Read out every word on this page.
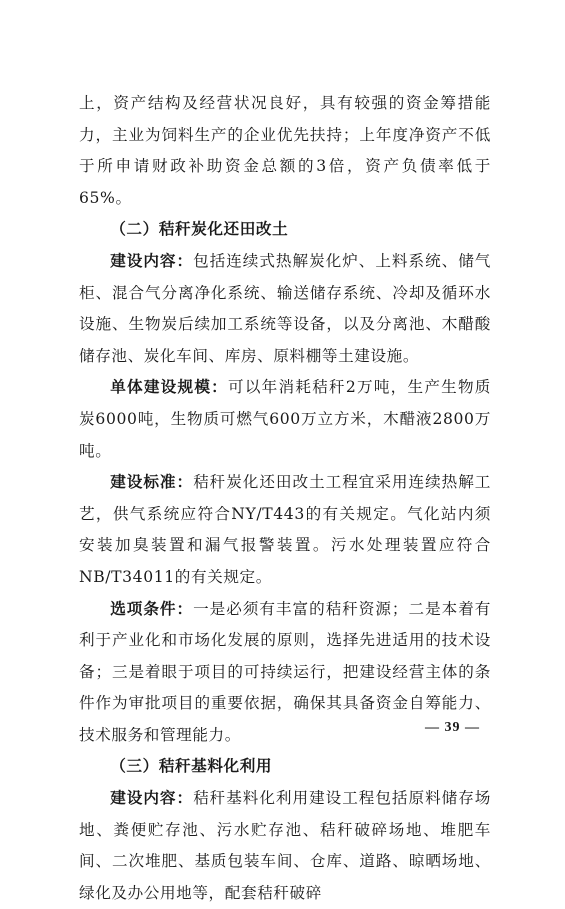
上，资产结构及经营状况良好，具有较强的资金筹措能力，主业为饲料生产的企业优先扶持；上年度净资产不低于所申请财政补助资金总额的3倍，资产负债率低于65%。

（二）秸秆炭化还田改土

建设内容：包括连续式热解炭化炉、上料系统、储气柜、混合气分离净化系统、输送储存系统、冷却及循环水设施、生物炭后续加工系统等设备，以及分离池、木醋酸储存池、炭化车间、库房、原料棚等土建设施。

单体建设规模：可以年消耗秸秆2万吨，生产生物质炭6000吨，生物质可燃气600万立方米，木醋液2800万吨。

建设标准：秸秆炭化还田改土工程宜采用连续热解工艺，供气系统应符合NY/T443的有关规定。气化站内须安装加臭装置和漏气报警装置。污水处理装置应符合NB/T34011的有关规定。

选项条件：一是必须有丰富的秸秆资源；二是本着有利于产业化和市场化发展的原则，选择先进适用的技术设备；三是着眼于项目的可持续运行，把建设经营主体的条件作为审批项目的重要依据，确保其具备资金自筹能力、技术服务和管理能力。

（三）秸秆基料化利用

建设内容：秸秆基料化利用建设工程包括原料储存场地、粪便贮存池、污水贮存池、秸秆破碎场地、堆肥车间、二次堆肥、基质包装车间、仓库、道路、晾晒场地、绿化及办公用地等，配套秸秆破碎

— 39 —
